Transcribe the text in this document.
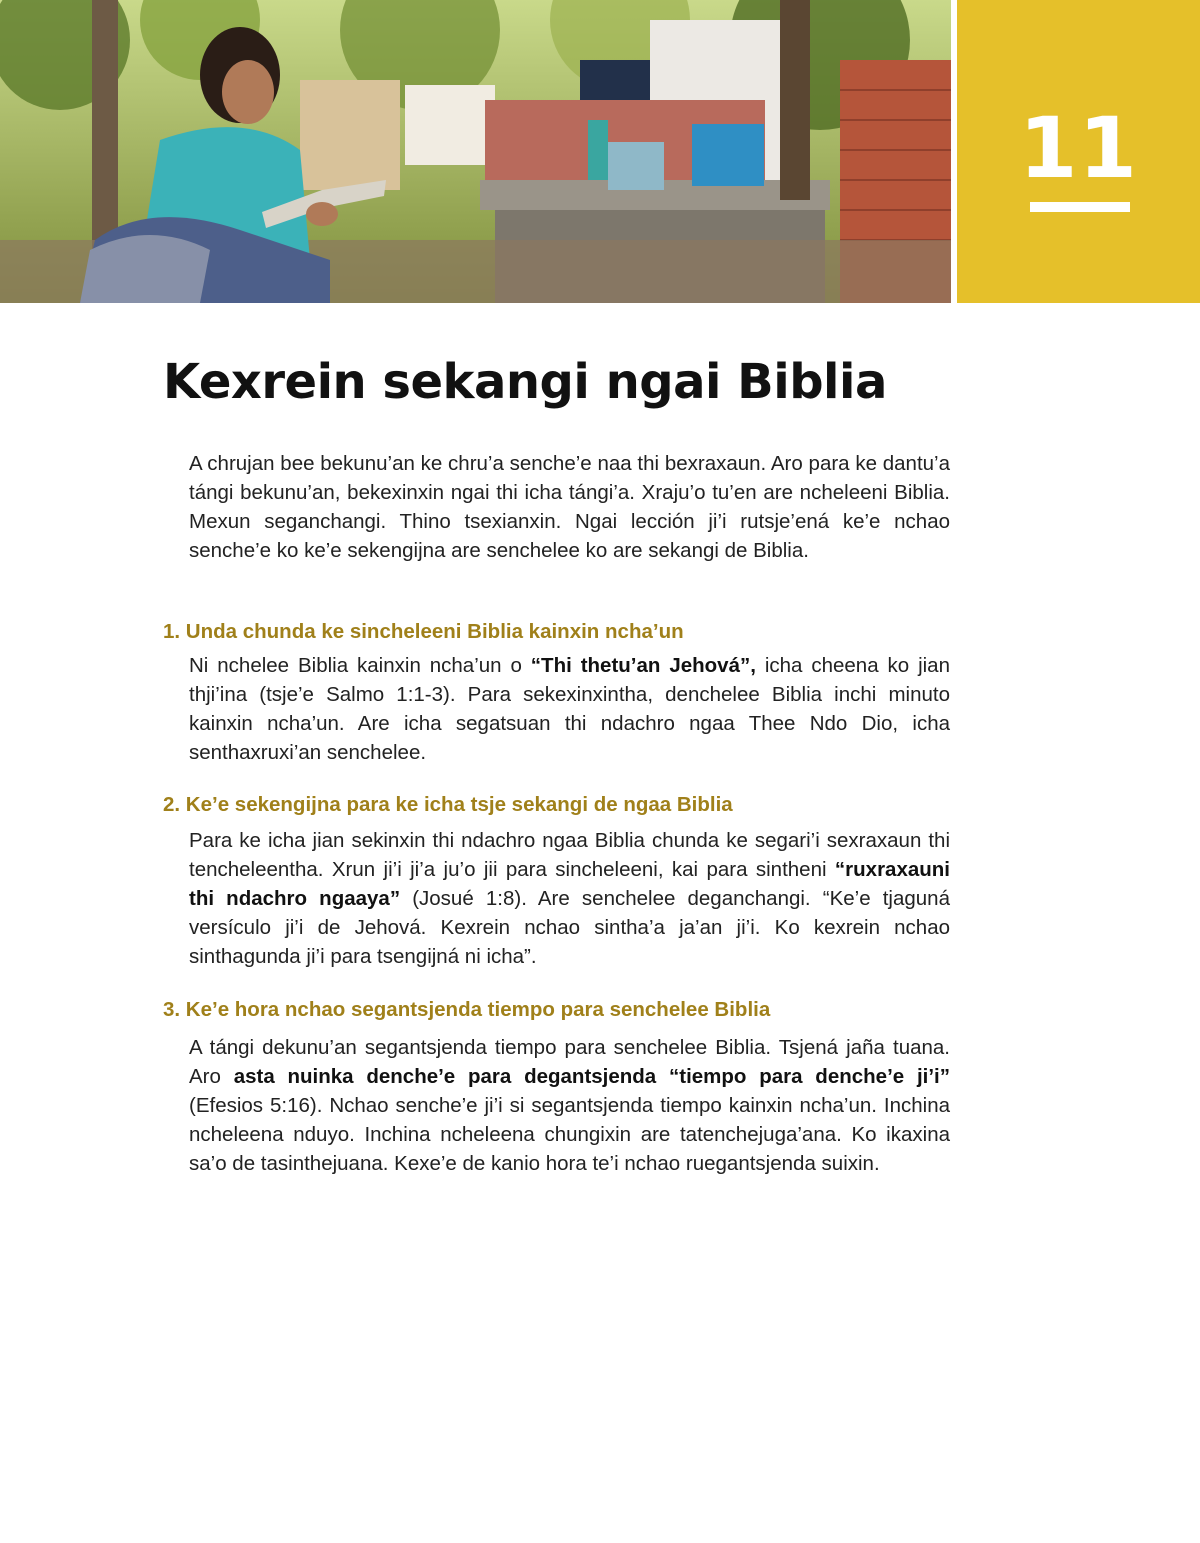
11
Kexrein sekangi ngai Biblia
A chrujan bee bekunu’an ke chru’a senche’e naa thi bexraxaun. Aro para ke dantu’a tángi bekunu’an, bekexinxin ngai thi icha tángi’a. Xraju’o tu’en are ncheleeni Biblia. Mexun seganchangi. Thino tsexianxin. Ngai lección ji’i rutsje’ená ke’e nchao senche’e ko ke’e sekengijna are senchelee ko are sekangi de Biblia.
1. Unda chunda ke sincheleeni Biblia kainxin ncha’un
Ni nchelee Biblia kainxin ncha’un o “Thi thetu’an Jehová”, icha cheena ko jian thji’ina (tsje’e Salmo 1:1-3). Para sekexinxintha, denchelee Biblia inchi minuto kainxin ncha’un. Are icha segatsuan thi ndachro ngaa Thee Ndo Dio, icha senthaxruxi’an senchelee.
2. Ke’e sekengijna para ke icha tsje sekangi de ngaa Biblia
Para ke icha jian sekinxin thi ndachro ngaa Biblia chunda ke segari’i sexraxaun thi tencheleentha. Xrun ji’i ji’a ju’o jii para sincheleeni, kai para sintheni “ruxraxauni thi ndachro ngaaya” (Josué 1:8). Are senchelee deganchangi. “Ke’e tjaguná versículo ji’i de Jehová. Kexrein nchao sintha’a ja’an ji’i. Ko kexrein nchao sinthagunda ji’i para tsengijná ni icha”.
3. Ke’e hora nchao segantsjenda tiempo para senchelee Biblia
A tángi dekunu’an segantsjenda tiempo para senchelee Biblia. Tsjená jaña tuana. Aro asta nuinka denche’e para degantsjenda “tiempo para denche’e ji’i” (Efesios 5:16). Nchao senche’e ji’i si segantsjenda tiempo kainxin ncha’un. Inchina ncheleena nduyo. Inchina ncheleena chungixin are tatenchejuga’ana. Ko ikaxina sa’o de tasinthejuana. Kexe’e de kanio hora te’i nchao ruegantsjenda suixin.
